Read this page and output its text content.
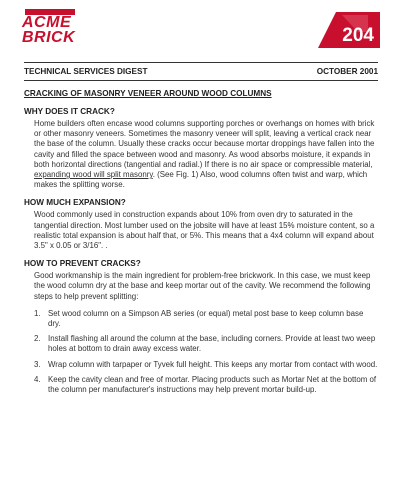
ACME
BRICK	204
TECHNICAL SERVICES DIGEST	OCTOBER 2001
CRACKING OF MASONRY VENEER AROUND WOOD COLUMNS
WHY DOES IT CRACK?
Home builders often encase wood columns supporting porches or overhangs on homes with brick or other masonry veneers. Sometimes the masonry veneer will split, leaving a vertical crack near the base of the column. Usually these cracks occur because mortar droppings have fallen into the cavity and filled the space between wood and masonry. As wood absorbs moisture, it expands in both horizontal directions (tangential and radial.) If there is no air space or compressible material, expanding wood will split masonry. (See Fig. 1) Also, wood columns often twist and warp, which makes the splitting worse.
HOW MUCH EXPANSION?
Wood commonly used in construction expands about 10% from oven dry to saturated in the tangential direction. Most lumber used on the jobsite will have at least 15% moisture content, so a realistic total expansion is about half that, or 5%. This means that a 4x4 column will expand about 3.5" x 0.05 or 3/16". .
HOW TO PREVENT CRACKS?
Good workmanship is the main ingredient for problem-free brickwork. In this case, we must keep the wood column dry at the base and keep mortar out of the cavity. We recommend the following steps to help prevent splitting:
1. Set wood column on a Simpson AB series (or equal) metal post base to keep column base dry.
2. Install flashing all around the column at the base, including corners. Provide at least two weep holes at bottom to drain away excess water.
3. Wrap column with tarpaper or Tyvek full height. This keeps any mortar from contact with wood.
4. Keep the cavity clean and free of mortar. Placing products such as Mortar Net at the bottom of the column per manufacturer's instructions may help prevent mortar build-up.
